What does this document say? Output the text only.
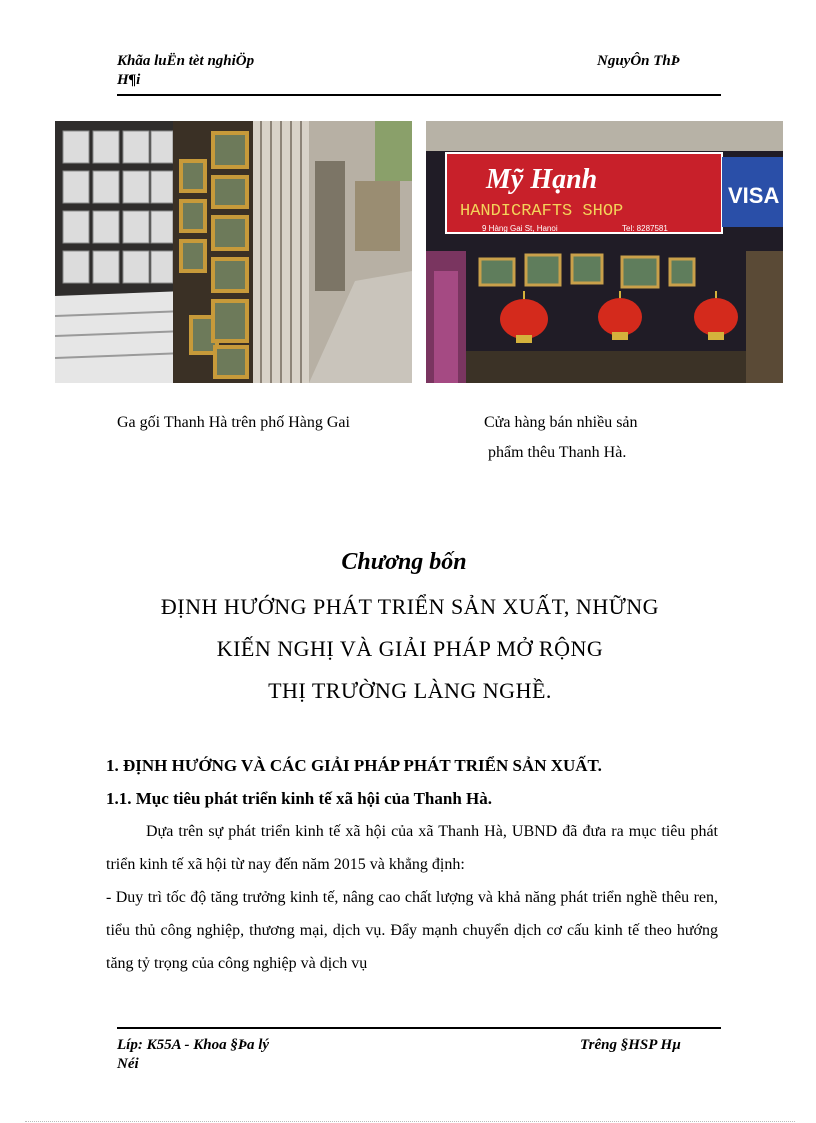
Khãa luËn tèt nghiÖp
H¶i
NguyÔn ThÞ
Mỹ Hạnh
HANDICRAFTS SHOP
9 Hàng Gai St, Hanoi	Tel: 8287581
VISA
Ga gối Thanh Hà trên phố Hàng Gai	Cửa hàng bán nhiều sản
phẩm thêu Thanh Hà.
Chương bốn
ĐỊNH HƯỚNG PHÁT TRIỂN SẢN XUẤT, NHỮNG
KIẾN NGHỊ VÀ GIẢI PHÁP MỞ RỘNG
THỊ TRƯỜNG LÀNG NGHỀ.
1. ĐỊNH HƯỚNG VÀ CÁC GIẢI PHÁP PHÁT TRIỂN SẢN XUẤT.
1.1. Mục tiêu phát triển kinh tế xã hội của Thanh Hà.
Dựa trên sự phát triển kinh tế xã hội của xã Thanh Hà, UBND đã đưa ra mục tiêu phát triển kinh tế xã hội từ nay đến năm 2015 và khẳng định:
- Duy trì tốc độ tăng trưởng kinh tế, nâng cao chất lượng và khả năng phát triển nghề thêu ren, tiểu thủ công nghiệp, thương mại, dịch vụ. Đẩy mạnh chuyển dịch cơ cấu kinh tế theo hướng tăng tỷ trọng của công nghiệp và dịch vụ
Líp: K55A - Khoa §Þa lý
Néi
Trêng §HSP Hµ
